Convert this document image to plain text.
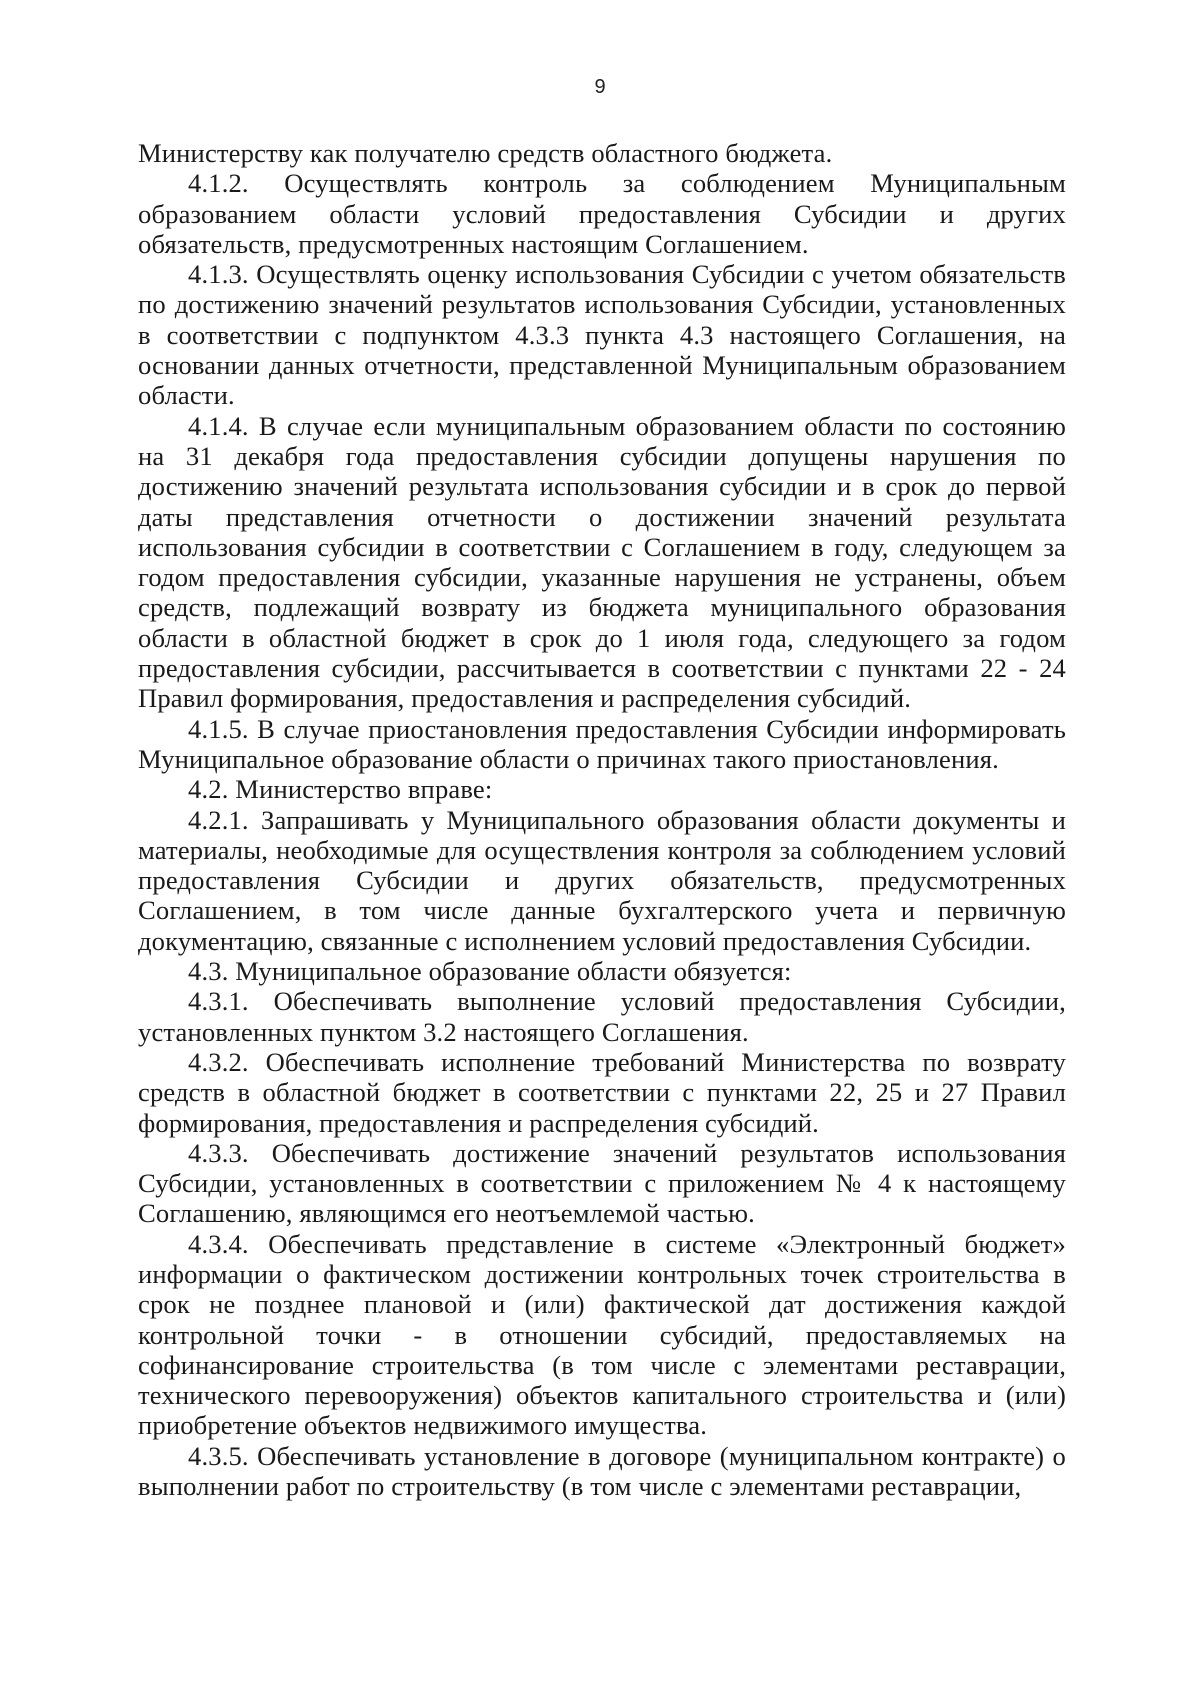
9

Министерству как получателю средств областного бюджета.

4.1.2. Осуществлять контроль за соблюдением Муниципальным образованием области условий предоставления Субсидии и других обязательств, предусмотренных настоящим Соглашением.

4.1.3. Осуществлять оценку использования Субсидии с учетом обязательств по достижению значений результатов использования Субсидии, установленных в соответствии с подпунктом 4.3.3 пункта 4.3 настоящего Соглашения, на основании данных отчетности, представленной Муниципальным образованием области.

4.1.4. В случае если муниципальным образованием области по состоянию на 31 декабря года предоставления субсидии допущены нарушения по достижению значений результата использования субсидии и в срок до первой даты представления отчетности о достижении значений результата использования субсидии в соответствии с Соглашением в году, следующем за годом предоставления субсидии, указанные нарушения не устранены, объем средств, подлежащий возврату из бюджета муниципального образования области в областной бюджет в срок до 1 июля года, следующего за годом предоставления субсидии, рассчитывается в соответствии с пунктами 22 - 24 Правил формирования, предоставления и распределения субсидий.

4.1.5. В случае приостановления предоставления Субсидии информировать Муниципальное образование области о причинах такого приостановления.

4.2. Министерство вправе:

4.2.1. Запрашивать у Муниципального образования области документы и материалы, необходимые для осуществления контроля за соблюдением условий предоставления Субсидии и других обязательств, предусмотренных Соглашением, в том числе данные бухгалтерского учета и первичную документацию, связанные с исполнением условий предоставления Субсидии.

4.3. Муниципальное образование области обязуется:

4.3.1. Обеспечивать выполнение условий предоставления Субсидии, установленных пунктом 3.2 настоящего Соглашения.

4.3.2. Обеспечивать исполнение требований Министерства по возврату средств в областной бюджет в соответствии с пунктами 22, 25 и 27 Правил формирования, предоставления и распределения субсидий.

4.3.3. Обеспечивать достижение значений результатов использования Субсидии, установленных в соответствии с приложением № 4 к настоящему Соглашению, являющимся его неотъемлемой частью.

4.3.4. Обеспечивать представление в системе «Электронный бюджет» информации о фактическом достижении контрольных точек строительства в срок не позднее плановой и (или) фактической дат достижения каждой контрольной точки - в отношении субсидий, предоставляемых на софинансирование строительства (в том числе с элементами реставрации, технического перевооружения) объектов капитального строительства и (или) приобретение объектов недвижимого имущества.

4.3.5. Обеспечивать установление в договоре (муниципальном контракте) о выполнении работ по строительству (в том числе с элементами реставрации,
